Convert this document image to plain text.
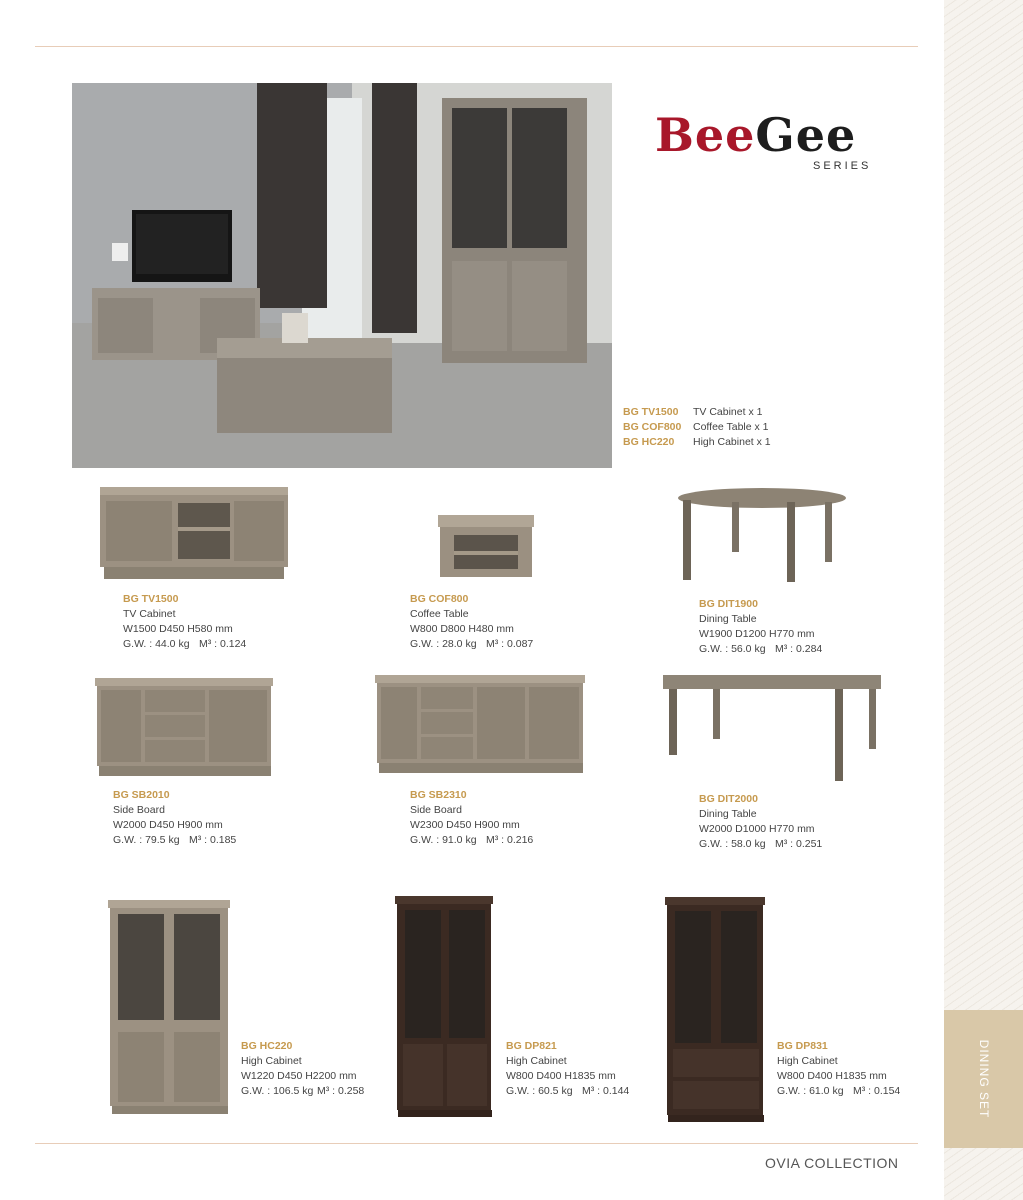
DINING SET
BeeGee
SERIES
BG TV1500	TV Cabinet x 1
BG COF800	Coffee Table x 1
BG HC220	High Cabinet x 1
BG TV1500
TV Cabinet
W1500 D450 H580 mm
G.W. : 44.0 kg M³ : 0.124
BG COF800
Coffee Table
W800 D800 H480 mm
G.W. : 28.0 kg M³ : 0.087
BG DIT1900
Dining Table
W1900 D1200 H770 mm
G.W. : 56.0 kg M³ : 0.284
BG SB2010
Side Board
W2000 D450 H900 mm
G.W. : 79.5 kg M³ : 0.185
BG SB2310
Side Board
W2300 D450 H900 mm
G.W. : 91.0 kg M³ : 0.216
BG DIT2000
Dining Table
W2000 D1000 H770 mm
G.W. : 58.0 kg M³ : 0.251
BG HC220
High Cabinet
W1220 D450 H2200 mm
G.W. : 106.5 kg M³ : 0.258
BG DP821
High Cabinet
W800 D400 H1835 mm
G.W. : 60.5 kg M³ : 0.144
BG DP831
High Cabinet
W800 D400 H1835 mm
G.W. : 61.0 kg M³ : 0.154
OVIA COLLECTION
